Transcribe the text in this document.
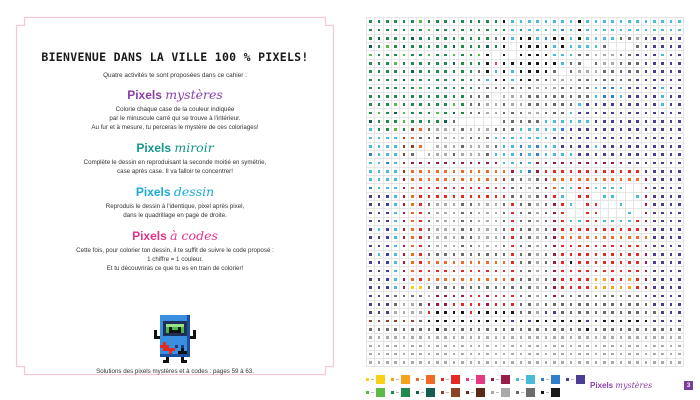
BIENVENUE DANS LA VILLE 100 % PIXELS!
Quatre activités te sont proposées dans ce cahier :
Pixels mystères
Colorie chaque case de la couleur indiquée
par le minuscule carré qui se trouve à l'intérieur.
Au fur et à mesure, tu perceras le mystère de ces coloriages!
Pixels miroir
Complète le dessin en reproduisant la seconde moitié en symétrie,
case après case. Il va falloir te concentrer!
Pixels dessin
Reproduis le dessin à l'identique, pixel après pixel,
dans le quadrillage en page de droite.
Pixels à codes
Cette fois, pour colorier ton dessin, il te suffit de suivre le code proposé :
1 chiffre = 1 couleur.
Et tu découvriras ce que tu es en train de colorier!
Solutions des pixels mystères et à codes : pages 59 à 63.
Pixels mystères	3
